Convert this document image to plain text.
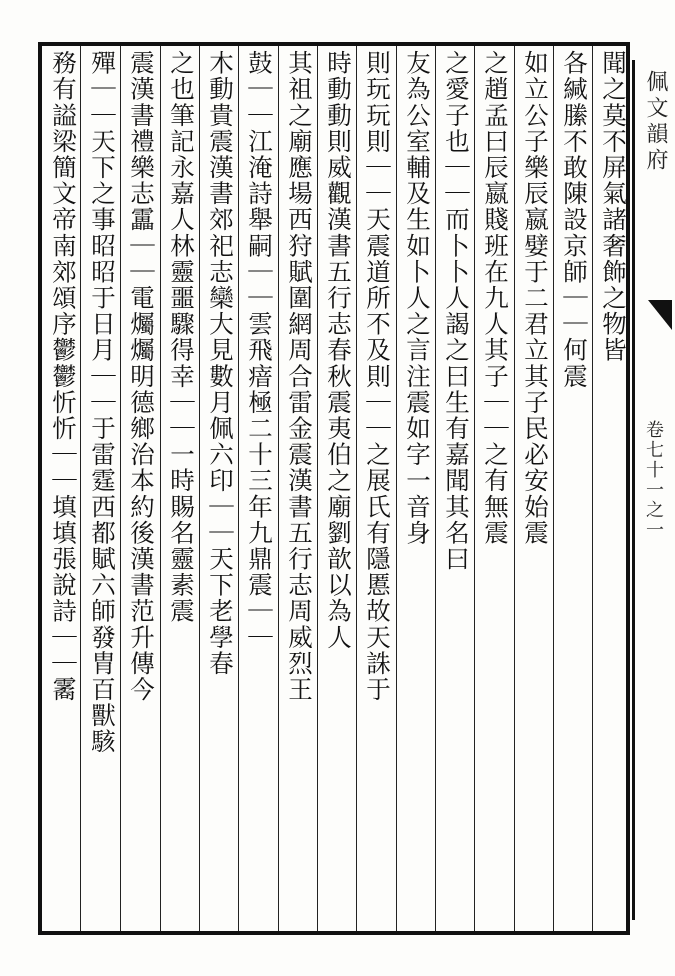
聞之莫不屏氣諸奢飾之物皆
各緘縢不敢陳設京師｜｜何震
如立公子樂辰嬴嬖于二君立其子民必安始震
之趙孟曰辰嬴賤班在九人其子｜｜之有無震
之愛子也｜｜而卜卜人謁之曰生有嘉聞其名曰
友為公室輔及生如卜人之言注震如字一音身
則玩玩則｜｜天震道所不及則｜｜之展氏有隱慝故天誅于
時動動則威觀漢書五行志春秋震夷伯之廟劉歆以為人
其祖之廟應場西狩賦圍網周合雷金震漢書五行志周威烈王
鼓｜｜江淹詩舉嗣｜｜雲飛瘖極二十三年九鼎震｜｜
木動貴震漢書郊祀志欒大見數月佩六印｜｜天下老學春
之也筆記永嘉人林靈噩驟得幸｜｜一時賜名靈素震
震漢書禮樂志靁｜｜電爥爥明德鄉治本約後漢書范升傳今
殫｜｜天下之事昭昭于日月｜｜于雷霆西都賦六師發胄百獸駭
務有謚梁簡文帝南郊頌序鬱鬱忻忻｜｜填填張說詩｜｜霱	佩文韻府
卷七十一之一
